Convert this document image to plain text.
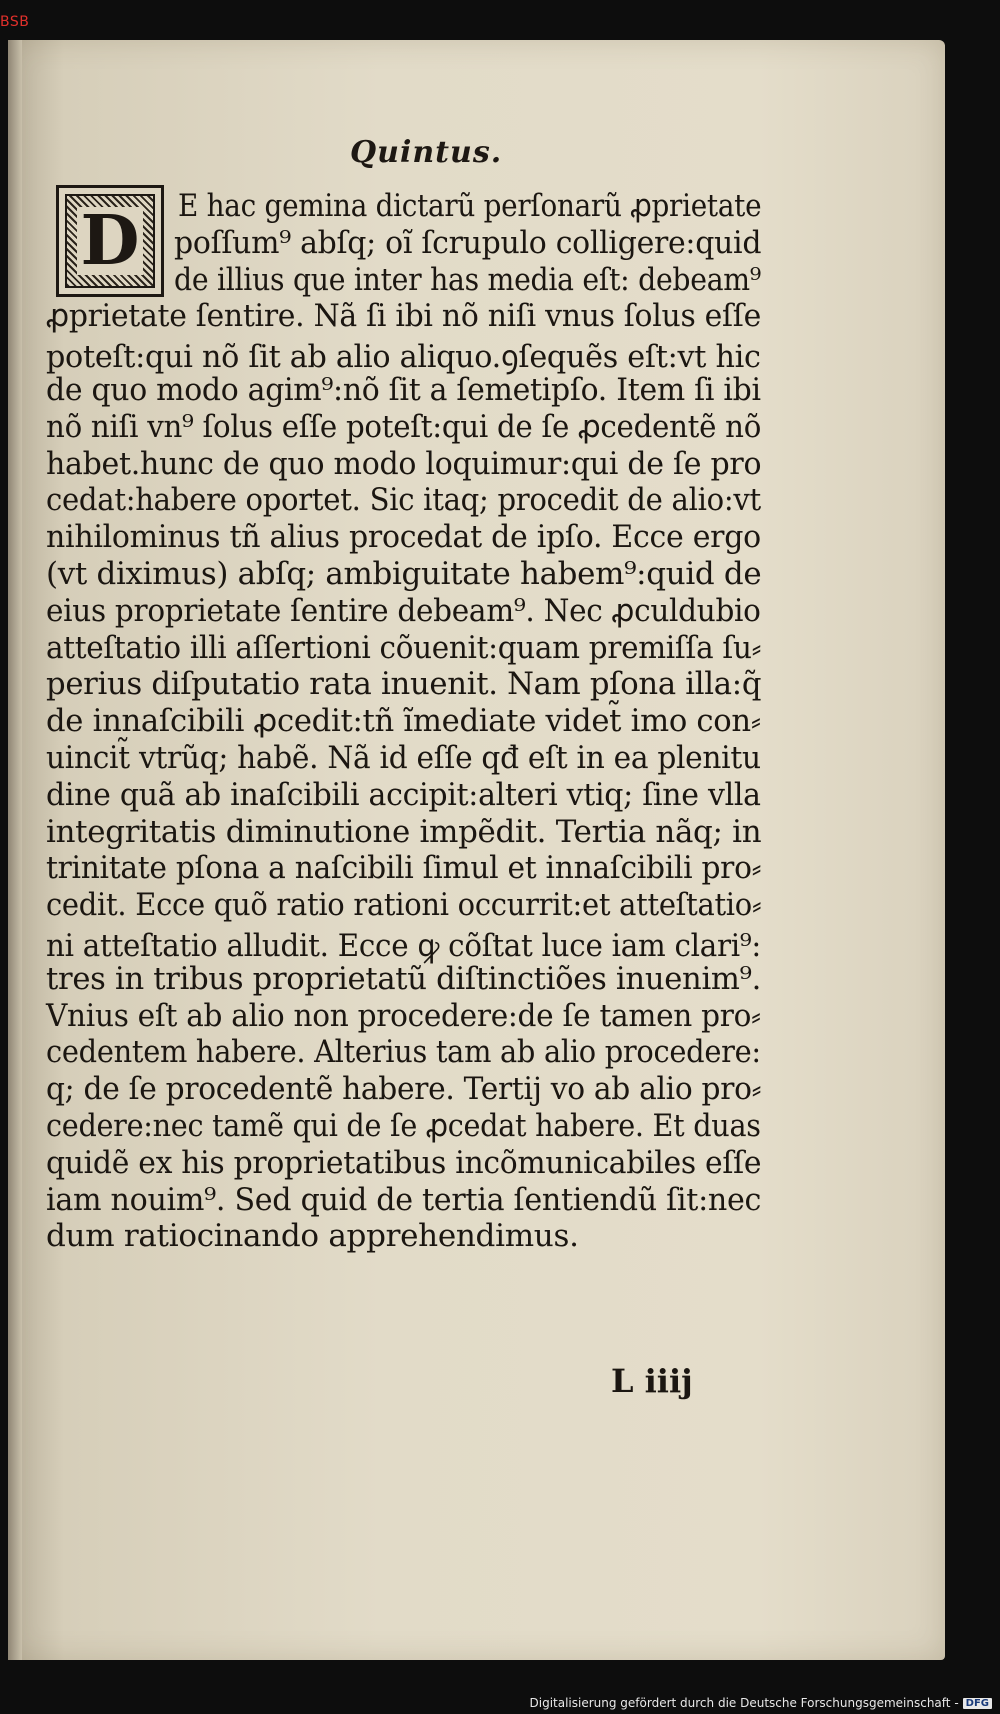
BSB
Quintus.
D E hac gemina dictarũ perſonarũ ꝓprietate
poſſum⁹ abſq; oĩ ſcrupulo colligere:quid
de illius que inter has media eſt: debeam⁹
ꝓprietate ſentire. Nã ſi ibi nõ niſi vnus ſolus eſſe
poteſt:qui nõ ſit ab alio aliquo.ꝯſequẽs eſt:vt hic
de quo modo agim⁹:nõ ſit a ſemetipſo. Item ſi ibi
nõ niſi vn⁹ ſolus eſſe poteſt:qui de ſe ꝓcedentẽ nõ
habet.hunc de quo modo loquimur:qui de ſe pro
cedat:habere oportet. Sic itaq; procedit de alio:vt
nihilominus tñ alius procedat de ipſo. Ecce ergo
(vt diximus) abſq; ambiguitate habem⁹:quid de
eius proprietate ſentire debeam⁹. Nec ꝓculdubio
atteſtatio illi aſſertioni cõuenit:quam premiſſa ſu⸗
perius diſputatio rata inuenit. Nam pſona illa:q̃
de innaſcibili ꝓcedit:tñ ĩmediate videt̃ imo con⸗
uincit̃ vtrũq; habẽ. Nã id eſſe qđ eſt in ea plenitu
dine quã ab inaſcibili accipit:alteri vtiq; ſine vlla
integritatis diminutione impẽdit. Tertia nãq; in
trinitate pſona a naſcibili ſimul et innaſcibili pro⸗
cedit. Ecce quõ ratio rationi occurrit:et atteſtatio⸗
ni atteſtatio alludit. Ecce ꝙ cõſtat luce iam clari⁹:
tres in tribus proprietatũ diſtinctiões inuenim⁹.
Vnius eſt ab alio non procedere:de ſe tamen pro⸗
cedentem habere. Alterius tam ab alio procedere:
q; de ſe procedentẽ habere. Tertij vo ab alio pro⸗
cedere:nec tamẽ qui de ſe ꝓcedat habere. Et duas
quidẽ ex his proprietatibus incõmunicabiles eſſe
iam nouim⁹. Sed quid de tertia ſentiendũ ſit:nec
dum ratiocinando apprehendimus.
L iiij
Digitalisierung gefördert durch die Deutsche Forschungsgemeinschaft - DFG
